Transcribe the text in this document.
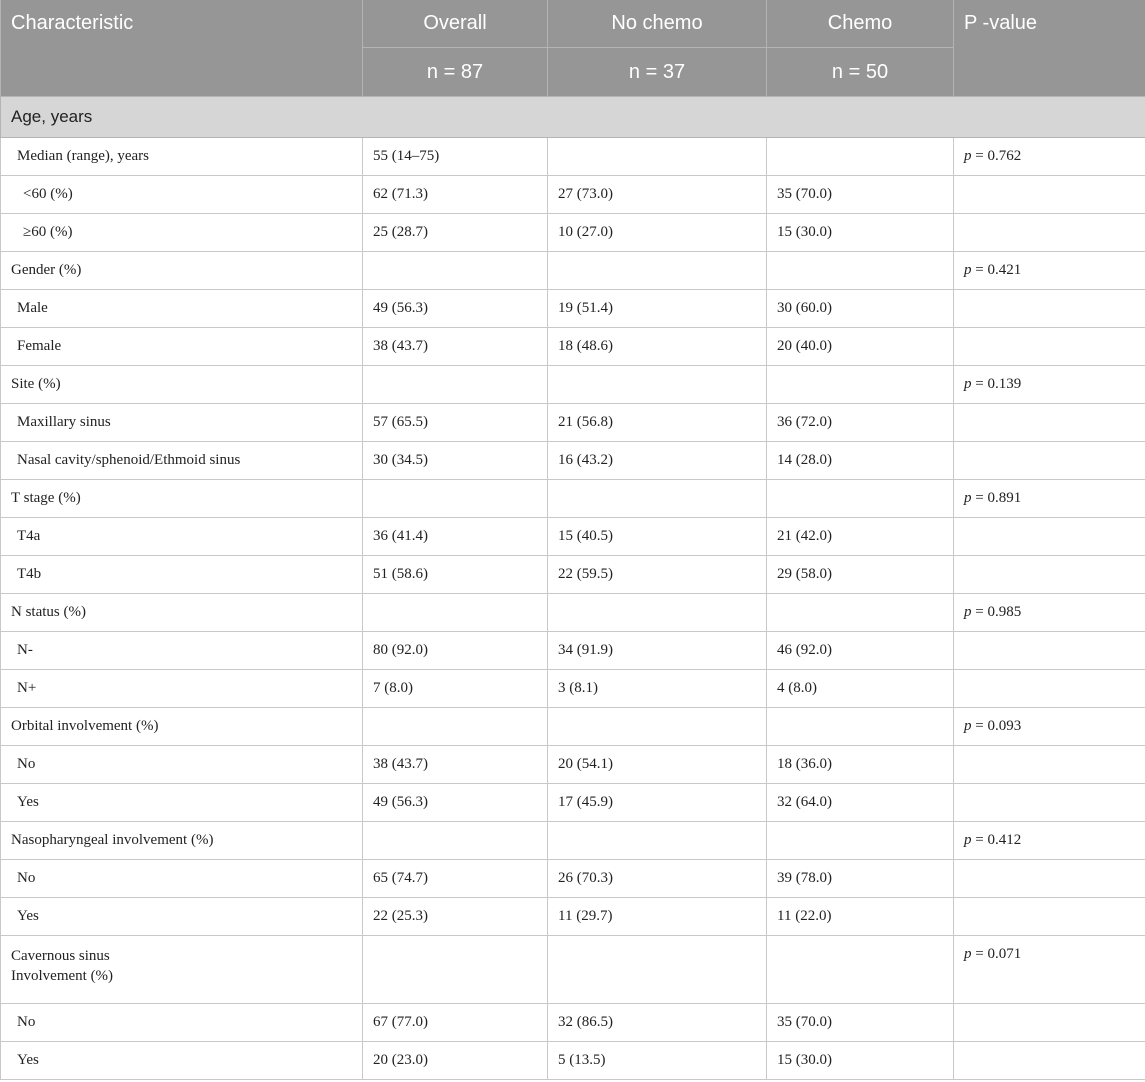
Characteristic	Overall	No chemo	Chemo	P -value
	n = 87	n = 37	n = 50	
Age, years				
Median (range), years	55 (14–75)			p = 0.762
<60 (%)	62 (71.3)	27 (73.0)	35 (70.0)	
≥60 (%)	25 (28.7)	10 (27.0)	15 (30.0)	
Gender (%)				p = 0.421
Male	49 (56.3)	19 (51.4)	30 (60.0)	
Female	38 (43.7)	18 (48.6)	20 (40.0)	
Site (%)				p = 0.139
Maxillary sinus	57 (65.5)	21 (56.8)	36 (72.0)	
Nasal cavity/sphenoid/Ethmoid sinus	30 (34.5)	16 (43.2)	14 (28.0)	
T stage (%)				p = 0.891
T4a	36 (41.4)	15 (40.5)	21 (42.0)	
T4b	51 (58.6)	22 (59.5)	29 (58.0)	
N status (%)				p = 0.985
N-	80 (92.0)	34 (91.9)	46 (92.0)	
N+	7 (8.0)	3 (8.1)	4 (8.0)	
Orbital involvement (%)				p = 0.093
No	38 (43.7)	20 (54.1)	18 (36.0)	
Yes	49 (56.3)	17 (45.9)	32 (64.0)	
Nasopharyngeal involvement (%)				p = 0.412
No	65 (74.7)	26 (70.3)	39 (78.0)	
Yes	22 (25.3)	11 (29.7)	11 (22.0)	
Cavernous sinus
Involvement (%)				p = 0.071
No	67 (77.0)	32 (86.5)	35 (70.0)	
Yes	20 (23.0)	5 (13.5)	15 (30.0)	
